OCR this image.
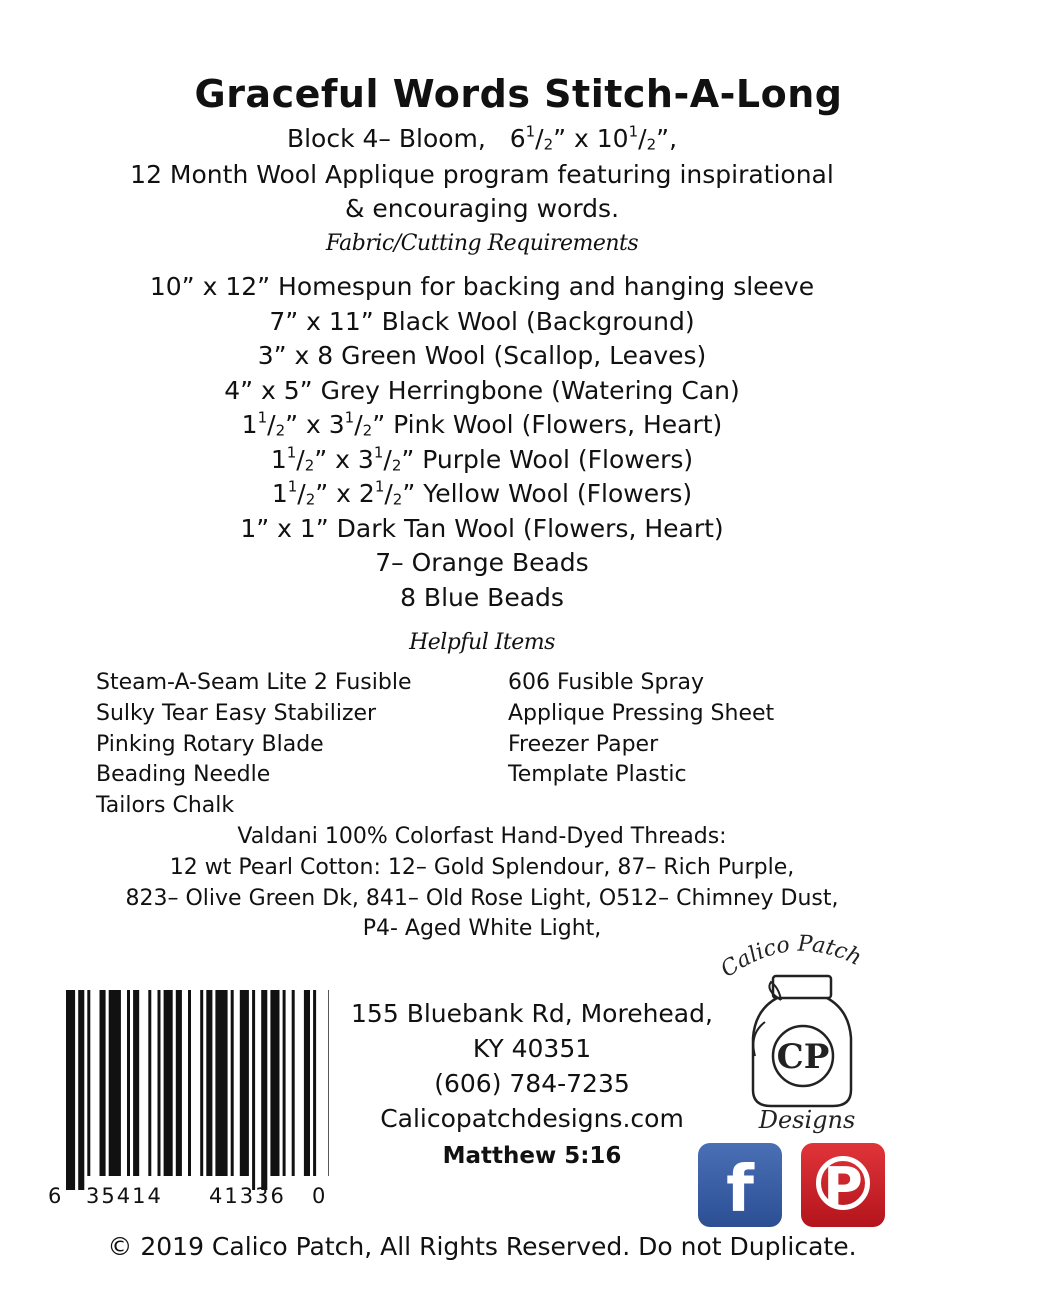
Graceful Words Stitch-A-Long
Block 4– Bloom, $6^1/_2$” x $10^1/_2$”,
12 Month Wool Applique program featuring inspirational
& encouraging words.
Fabric/Cutting Requirements
10” x 12” Homespun for backing and hanging sleeve
7” x 11” Black Wool (Background)
3” x 8 Green Wool (Scallop, Leaves)
4” x 5” Grey Herringbone (Watering Can)
$1^1/_2$” x $3^1/_2$” Pink Wool (Flowers, Heart)
$1^1/_2$” x $3^1/_2$” Purple Wool (Flowers)
$1^1/_2$” x $2^1/_2$” Yellow Wool (Flowers)
1” x 1” Dark Tan Wool (Flowers, Heart)
7– Orange Beads
8 Blue Beads
Helpful Items
Steam-A-Seam Lite 2 Fusible
Sulky Tear Easy Stabilizer
Pinking Rotary Blade
Beading Needle
Tailors Chalk
606 Fusible Spray
Applique Pressing Sheet
Freezer Paper
Template Plastic
Valdani 100% Colorfast Hand-Dyed Threads:
12 wt Pearl Cotton: 12– Gold Splendour, 87– Rich Purple,
823– Olive Green Dk, 841– Old Rose Light, O512– Chimney Dust,
P4- Aged White Light,
6 35414 41336 0
155 Bluebank Rd, Morehead,
KY 40351
(606) 784-7235
Calicopatchdesigns.com
Matthew 5:16
Calico Patch
CP
Designs
f	P
© 2019 Calico Patch, All Rights Reserved. Do not Duplicate.
